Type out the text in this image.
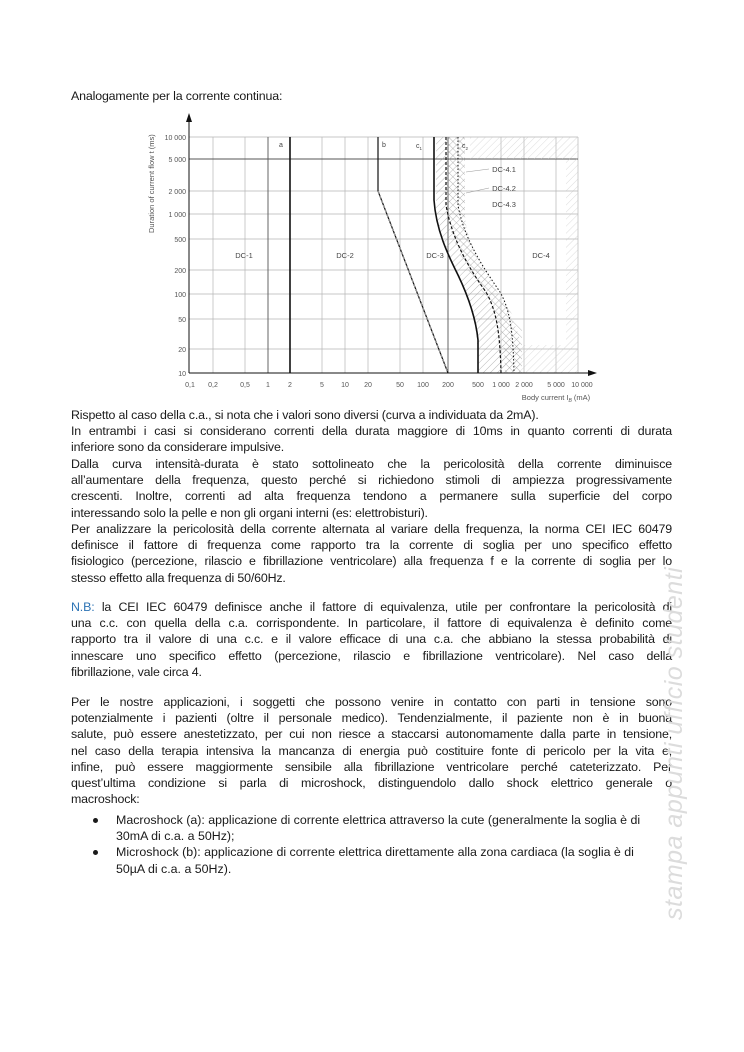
Analogamente per la corrente continua:

10 000
5 000
2 000
1 000
500
200
100
50
20
10
0,1 0,2	0,5 1	2	5 10 20	50 100 200	500 1 000 2 000 5 000 10 000
Body current $I_B$ (mA)
Duration of current flow t (ms)
DC-1	DC-2	DC-3	DC-4
DC-4.1
DC-4.2
DC-4.3
a	b	$c_1$	$c_2$

Rispetto al caso della c.a., si nota che i valori sono diversi (curva a individuata da 2mA).

In entrambi i casi si considerano correnti della durata maggiore di 10ms in quanto correnti di durata
inferiore sono da considerare impulsive.

Dalla curva intensità-durata è stato sottolineato che la pericolosità della corrente diminuisce
all’aumentare della frequenza, questo perché si richiedono stimoli di ampiezza progressivamente
crescenti. Inoltre, correnti ad alta frequenza tendono a permanere sulla superficie del corpo
interessando solo la pelle e non gli organi interni (es: elettrobisturi).

Per analizzare la pericolosità della corrente alternata al variare della frequenza, la norma CEI IEC 60479
definisce il fattore di frequenza come rapporto tra la corrente di soglia per uno specifico effetto
fisiologico (percezione, rilascio e fibrillazione ventricolare) alla frequenza f e la corrente di soglia per lo
stesso effetto alla frequenza di 50/60Hz.

N.B: la CEI IEC 60479 definisce anche il fattore di equivalenza, utile per confrontare la pericolosità di
una c.c. con quella della c.a. corrispondente. In particolare, il fattore di equivalenza è definito come
rapporto tra il valore di una c.c. e il valore efficace di una c.a. che abbiano la stessa probabilità di
innescare uno specifico effetto (percezione, rilascio e fibrillazione ventricolare). Nel caso della
fibrillazione, vale circa 4.

Per le nostre applicazioni, i soggetti che possono venire in contatto con parti in tensione sono
potenzialmente i pazienti (oltre il personale medico). Tendenzialmente, il paziente non è in buona
salute, può essere anestetizzato, per cui non riesce a staccarsi autonomamente dalla parte in tensione,
nel caso della terapia intensiva la mancanza di energia può costituire fonte di pericolo per la vita e,
infine, può essere maggiormente sensibile alla fibrillazione ventricolare perché cateterizzato. Per
quest’ultima condizione si parla di microshock, distinguendolo dallo shock elettrico generale o
macroshock:

Macroshock (a): applicazione di corrente elettrica attraverso la cute (generalmente la soglia è di
30mA di c.a. a 50Hz);
Microshock (b): applicazione di corrente elettrica direttamente alla zona cardiaca (la soglia è di
50µA di c.a. a 50Hz).	stampa appunti ufficio studenti
